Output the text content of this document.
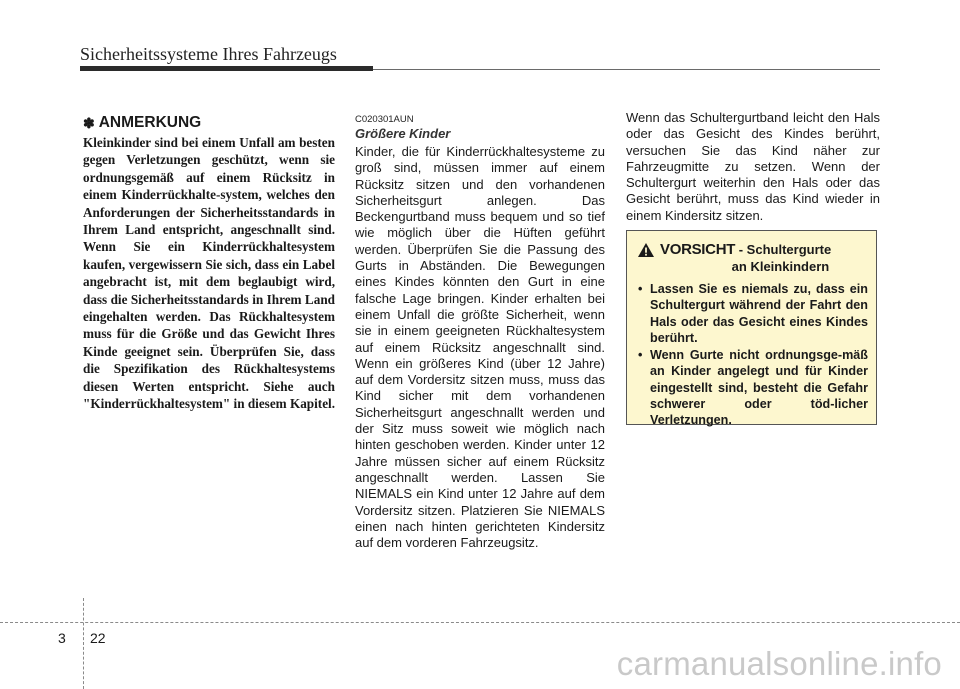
Sicherheitssysteme Ihres Fahrzeugs
✽ ANMERKUNG

Kleinkinder sind bei einem Unfall am besten gegen Verletzungen geschützt, wenn sie ordnungsgemäß auf einem Rücksitz in einem Kinderrückhalte-system, welches den Anforderungen der Sicherheitsstandards in Ihrem Land entspricht, angeschnallt sind. Wenn Sie ein Kinderrückhaltesystem kaufen, vergewissern Sie sich, dass ein Label angebracht ist, mit dem beglaubigt wird, dass die Sicherheitsstandards in Ihrem Land eingehalten werden. Das Rückhaltesystem muss für die Größe und das Gewicht Ihres Kinde geeignet sein. Überprüfen Sie, dass die Spezifikation des Rückhaltesystems diesen Werten entspricht. Siehe auch "Kinderrückhaltesystem" in diesem Kapitel.

C020301AUN
Größere Kinder

Kinder, die für Kinderrückhaltesysteme zu groß sind, müssen immer auf einem Rücksitz sitzen und den vorhandenen Sicherheitsgurt anlegen. Das Beckengurtband muss bequem und so tief wie möglich über die Hüften geführt werden. Überprüfen Sie die Passung des Gurts in Abständen. Die Bewegungen eines Kindes könnten den Gurt in eine falsche Lage bringen. Kinder erhalten bei einem Unfall die größte Sicherheit, wenn sie in einem geeigneten Rückhaltesystem auf einem Rücksitz angeschnallt sind. Wenn ein größeres Kind (über 12 Jahre) auf dem Vordersitz sitzen muss, muss das Kind sicher mit dem vorhandenen Sicherheitsgurt angeschnallt werden und der Sitz muss soweit wie möglich nach hinten geschoben werden. Kinder unter 12 Jahre müssen sicher auf einem Rücksitz angeschnallt werden. Lassen Sie NIEMALS ein Kind unter 12 Jahre auf dem Vordersitz sitzen. Platzieren Sie NIEMALS einen nach hinten gerichteten Kindersitz auf dem vorderen Fahrzeugsitz.

Wenn das Schultergurtband leicht den Hals oder das Gesicht des Kindes berührt, versuchen Sie das Kind näher zur Fahrzeugmitte zu setzen. Wenn der Schultergurt weiterhin den Hals oder das Gesicht berührt, muss das Kind wieder in einem Kindersitz sitzen.

VORSICHT - Schultergurte
an Kleinkindern
• Lassen Sie es niemals zu, dass ein Schultergurt während der Fahrt den Hals oder das Gesicht eines Kindes berührt.
• Wenn Gurte nicht ordnungsge-mäß an Kinder angelegt und für Kinder eingestellt sind, besteht die Gefahr schwerer oder töd-licher Verletzungen.
3 22
carmanualsonline.info
